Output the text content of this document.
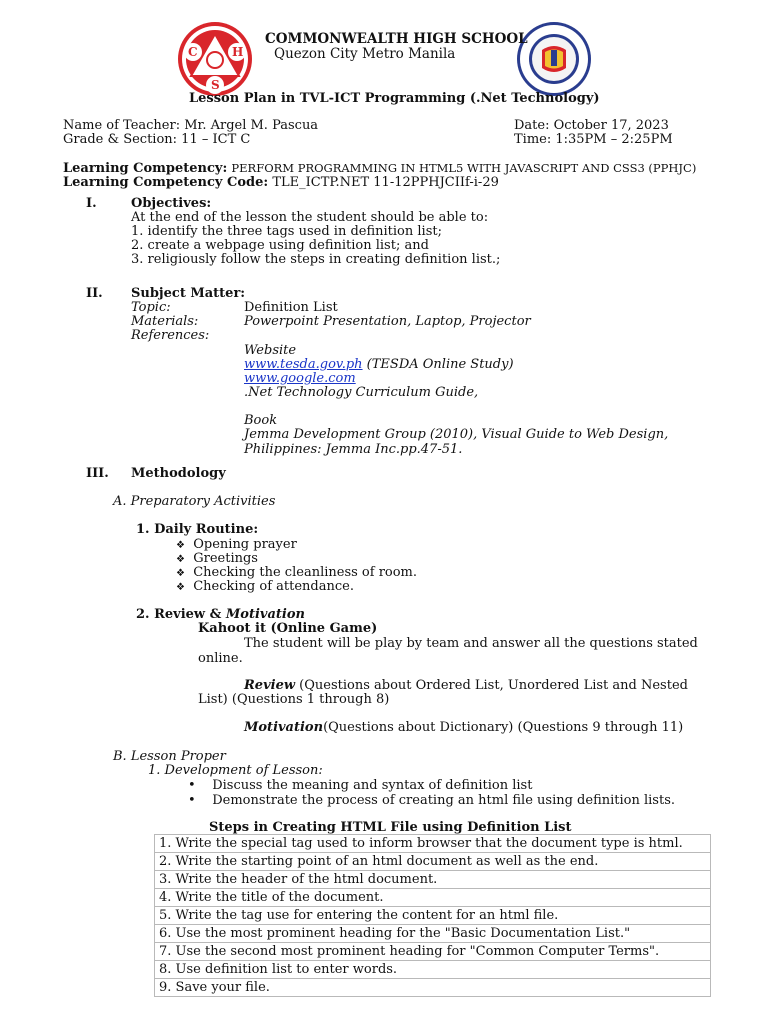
C	H
S
COMMONWEALTH HIGH SCHOOL
Quezon City Metro Manila
Lesson Plan in TVL-ICT Programming (.Net Technology)
Name of Teacher: Mr. Argel M. Pascua
Grade & Section: 11 – ICT C
Date: October 17, 2023
Time: 1:35PM – 2:25PM
Learning Competency: PERFORM PROGRAMMING IN HTML5 WITH JAVASCRIPT AND CSS3 (PPHJC)
Learning Competency Code: TLE_ICTP.NET 11-12PPHJCIIf-i-29
I.	Objectives:
At the end of the lesson the student should be able to:
1. identify the three tags used in definition list;
2. create a webpage using definition list; and
3. religiously follow the steps in creating definition list.;
II. Subject Matter:
Topic:	Definition List
Materials:	Powerpoint Presentation, Laptop, Projector
References:
Website
www.tesda.gov.ph (TESDA Online Study)
www.google.com
.Net Technology Curriculum Guide,
Book
Jemma Development Group (2010), Visual Guide to Web Design,
Philippines: Jemma Inc.pp.47-51.
III. Methodology
A. Preparatory Activities
1. Daily Routine:
❖   Opening prayer
❖   Greetings
❖   Checking the cleanliness of room.
❖   Checking of attendance.
2. Review & Motivation
Kahoot it (Online Game)
The student will be play by team and answer all the questions stated
online.
Review (Questions about Ordered List, Unordered List and Nested
List) (Questions 1 through 8)
Motivation(Questions about Dictionary) (Questions 9 through 11)
B. Lesson Proper
1. Development of Lesson:
•    Discuss the meaning and syntax of definition list
•    Demonstrate the process of creating an html file using definition lists.
Steps in Creating HTML File using Definition List
1. Write the special tag used to inform browser that the document type is html.
2. Write the starting point of an html document as well as the end.
3. Write the header of the html document.
4. Write the title of the document.
5. Write the tag use for entering the content for an html file.
6. Use the most prominent heading for the "Basic Documentation List."
7. Use the second most prominent heading for "Common Computer Terms".
8. Use definition list to enter words.
9. Save your file.
